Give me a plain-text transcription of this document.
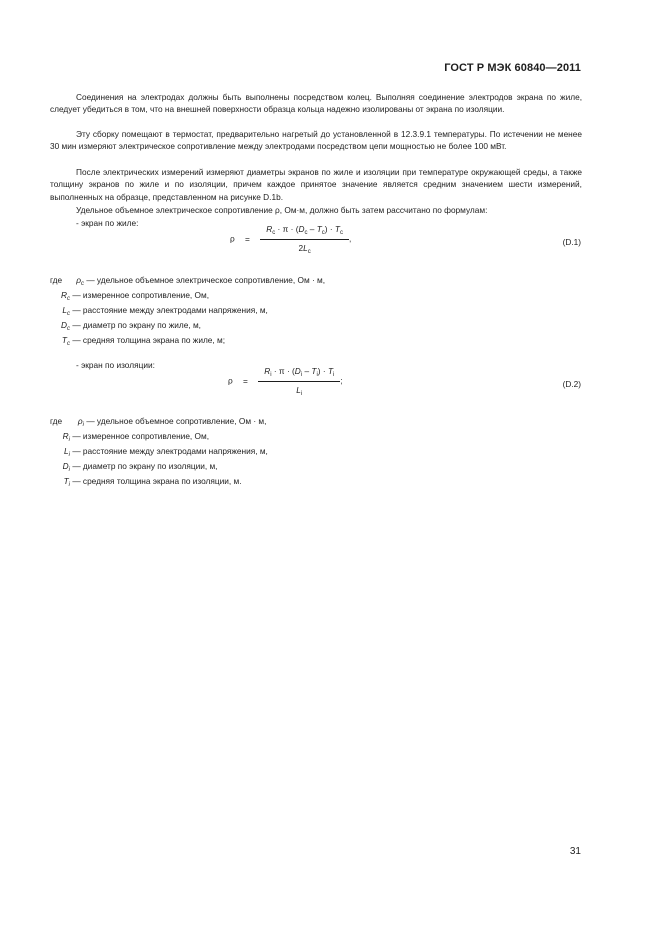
ГОСТ Р МЭК 60840—2011

Соединения на электродах должны быть выполнены посредством колец. Выполняя соединение электродов экрана по жиле, следует убедиться в том, что на внешней поверхности образца кольца надежно изолированы от экрана по изоляции.

Эту сборку помещают в термостат, предварительно нагретый до установленной в 12.3.9.1 температуры. По истечении не менее 30 мин измеряют электрическое сопротивление между электродами посредством цепи мощностью не более 100 мВт.

После электрических измерений измеряют диаметры экранов по жиле и изоляции при температуре окружающей среды, а также толщину экранов по жиле и по изоляции, причем каждое принятое значение является средним значением шести измерений, выполненных на образце, представленном на рисунке D.1b.

Удельное объемное электрическое сопротивление ρ, Ом·м, должно быть затем рассчитано по формулам:

- экран по жиле:
$\rho = \frac{R_c \cdot \pi \cdot (D_c - T_c) \cdot T_c}{2L_c}$ ,	(D.1)
где $\rho_c$ — удельное объемное электрическое сопротивление, Ом · м,
$R_c$ — измеренное сопротивление, Ом,
$L_c$ — расстояние между электродами напряжения, м,
$D_c$ — диаметр по экрану по жиле, м,
$T_c$ — средняя толщина экрана по жиле, м;
- экран по изоляции:
$\rho = \frac{R_i \cdot \pi \cdot (D_i - T_i) \cdot T_i}{L_i}$ ;	(D.2)
где $\rho_i$ — удельное объемное сопротивление, Ом · м,
$R_i$ — измеренное сопротивление, Ом,
$L_i$ — расстояние между электродами напряжения, м,
$D_i$ — диаметр по экрану по изоляции, м,
$T_i$ — средняя толщина экрана по изоляции, м.
31
